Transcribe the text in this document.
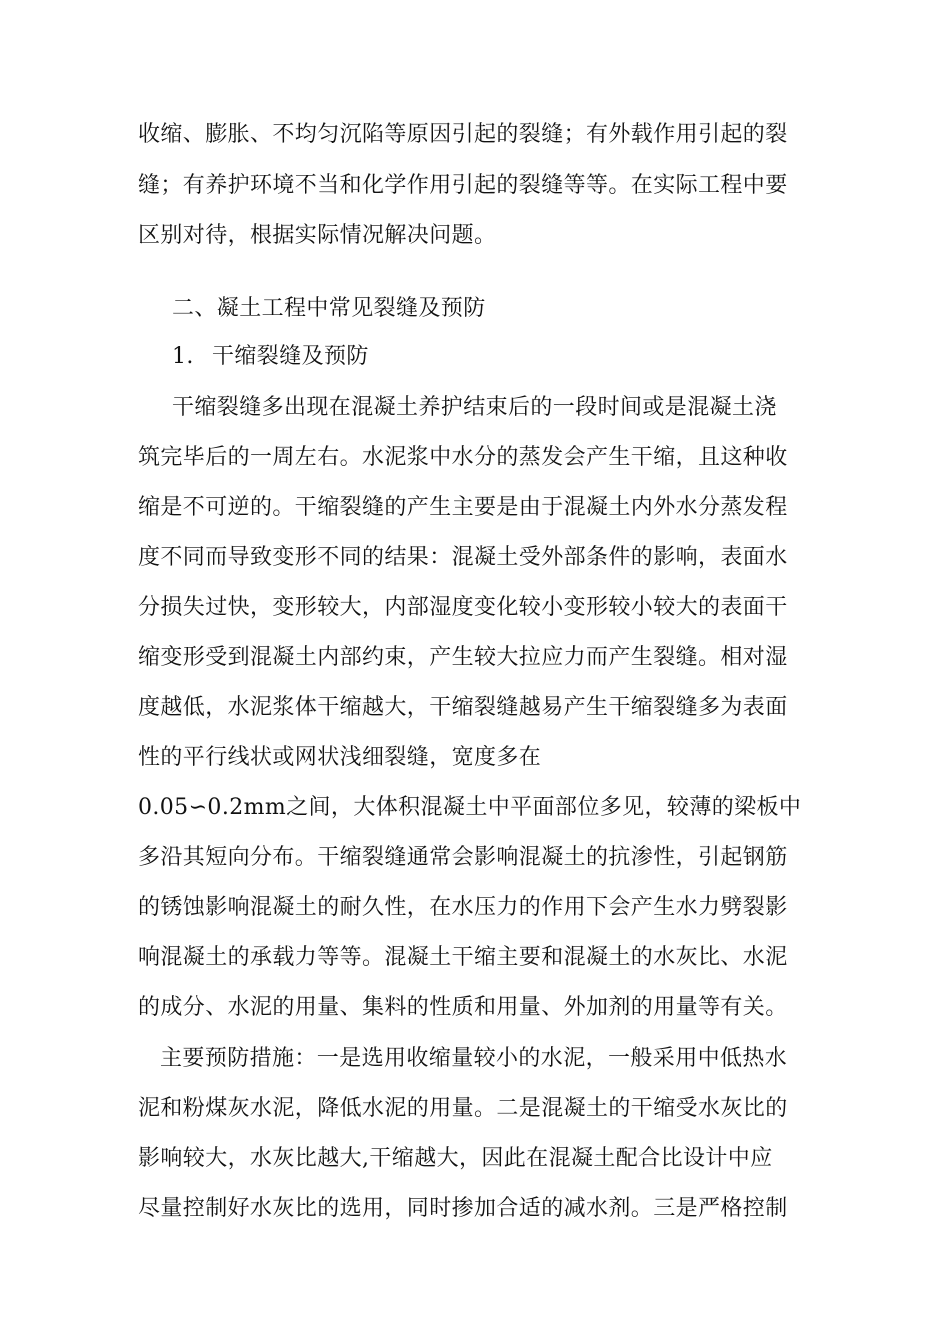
收缩、膨胀、不均匀沉陷等原因引起的裂缝；有外载作用引起的裂
缝；有养护环境不当和化学作用引起的裂缝等等。在实际工程中要
区别对待，根据实际情况解决问题。
二、凝土工程中常见裂缝及预防
1. 干缩裂缝及预防
干缩裂缝多出现在混凝土养护结束后的一段时间或是混凝土浇
筑完毕后的一周左右。水泥浆中水分的蒸发会产生干缩，且这种收
缩是不可逆的。干缩裂缝的产生主要是由于混凝土内外水分蒸发程
度不同而导致变形不同的结果：混凝土受外部条件的影响，表面水
分损失过快，变形较大，内部湿度变化较小变形较小较大的表面干
缩变形受到混凝土内部约束，产生较大拉应力而产生裂缝。相对湿
度越低，水泥浆体干缩越大，干缩裂缝越易产生干缩裂缝多为表面
性的平行线状或网状浅细裂缝，宽度多在
0.05∽0.2mm之间，大体积混凝土中平面部位多见，较薄的梁板中
多沿其短向分布。干缩裂缝通常会影响混凝土的抗渗性，引起钢筋
的锈蚀影响混凝土的耐久性，在水压力的作用下会产生水力劈裂影
响混凝土的承载力等等。混凝土干缩主要和混凝土的水灰比、水泥
的成分、水泥的用量、集料的性质和用量、外加剂的用量等有关。
主要预防措施：一是选用收缩量较小的水泥，一般采用中低热水
泥和粉煤灰水泥，降低水泥的用量。二是混凝土的干缩受水灰比的
影响较大，水灰比越大,干缩越大，因此在混凝土配合比设计中应
尽量控制好水灰比的选用，同时掺加合适的减水剂。三是严格控制
